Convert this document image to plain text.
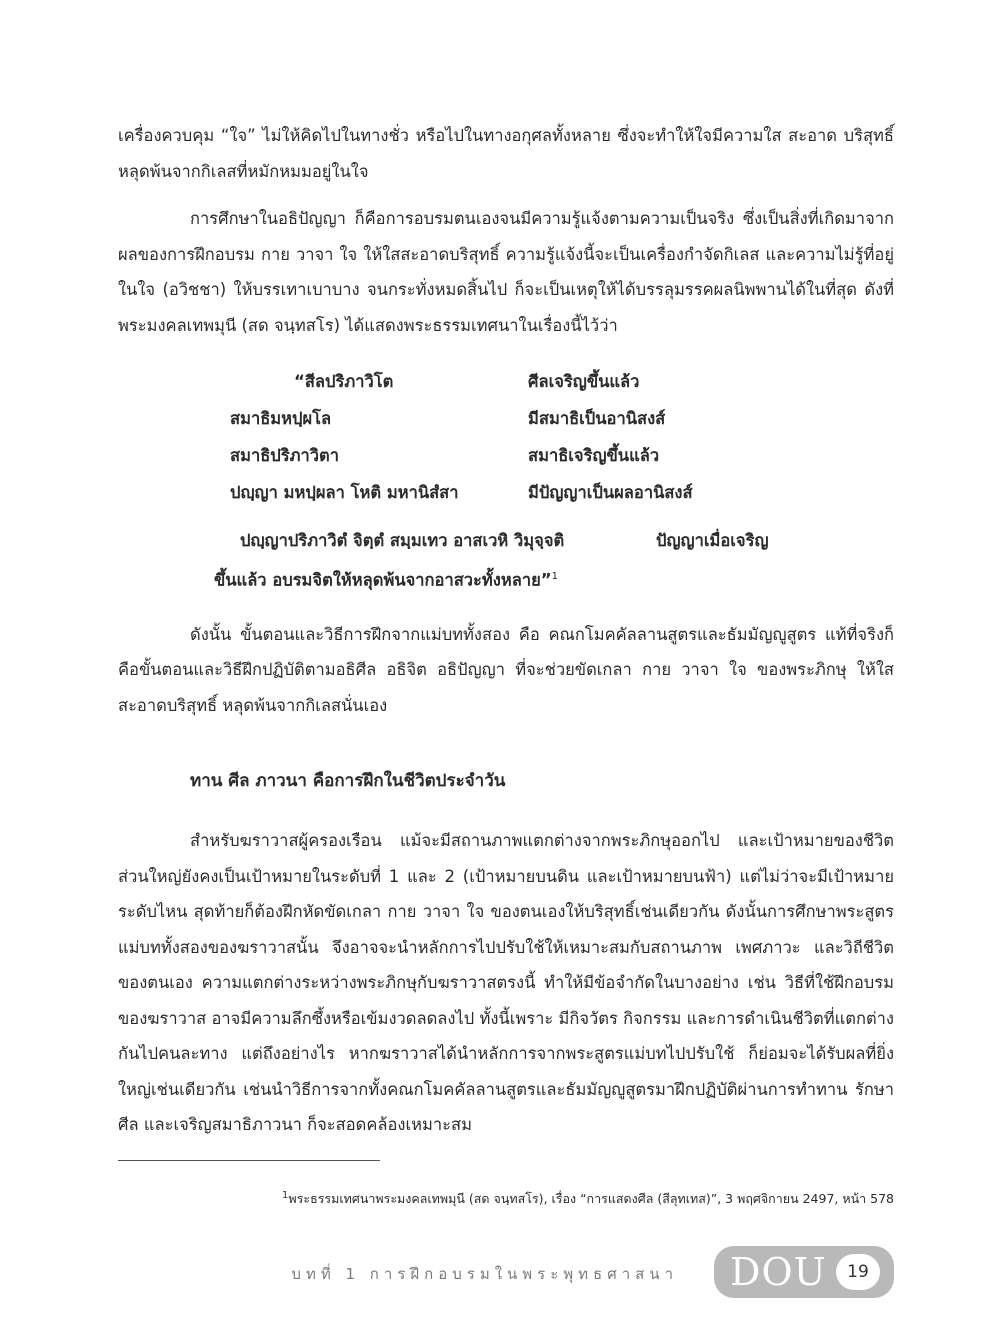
เครื่องควบคุม “ใจ” ไม่ให้คิดไปในทางชั่ว หรือไปในทางอกุศลทั้งหลาย ซึ่งจะทำให้ใจมีความใส สะอาด บริสุทธิ์ หลุดพ้นจากกิเลสที่หมักหมมอยู่ในใจ

การศึกษาในอธิปัญญา ก็คือการอบรมตนเองจนมีความรู้แจ้งตามความเป็นจริง ซึ่งเป็นสิ่งที่เกิดมาจากผลของการฝึกอบรม กาย วาจา ใจ ให้ใสสะอาดบริสุทธิ์ ความรู้แจ้งนี้จะเป็นเครื่องกำจัดกิเลส และความไม่รู้ที่อยู่ในใจ (อวิชชา) ให้บรรเทาเบาบาง จนกระทั่งหมดสิ้นไป ก็จะเป็นเหตุให้ได้บรรลุมรรคผลนิพพานได้ในที่สุด ดังที่พระมงคลเทพมุนี (สด จนฺทสโร) ได้แสดงพระธรรมเทศนาในเรื่องนี้ไว้ว่า

“สีลปริภาวิโต	ศีลเจริญขึ้นแล้ว
สมาธิมหปฺผโล	มีสมาธิเป็นอานิสงส์
สมาธิปริภาวิตา	สมาธิเจริญขึ้นแล้ว
ปญฺญา มหปฺผลา โหติ มหานิสํสา	มีปัญญาเป็นผลอานิสงส์
ปญฺญาปริภาวิตํ จิตฺตํ สมฺมเทว อาสเวหิ วิมุจฺจติ	ปัญญาเมื่อเจริญ
ขึ้นแล้ว อบรมจิตให้หลุดพ้นจากอาสวะทั้งหลาย”$^1$

ดังนั้น ขั้นตอนและวิธีการฝึกจากแม่บททั้งสอง คือ คณกโมคคัลลานสูตรและธัมมัญญูสูตร แท้ที่จริงก็คือขั้นตอนและวิธีฝึกปฏิบัติตามอธิศีล อธิจิต อธิปัญญา ที่จะช่วยขัดเกลา กาย วาจา ใจ ของพระภิกษุ ให้ใสสะอาดบริสุทธิ์ หลุดพ้นจากกิเลสนั่นเอง

ทาน ศีล ภาวนา คือการฝึกในชีวิตประจำวัน

สำหรับฆราวาสผู้ครองเรือน แม้จะมีสถานภาพแตกต่างจากพระภิกษุออกไป และเป้าหมายของชีวิตส่วนใหญ่ยังคงเป็นเป้าหมายในระดับที่ 1 และ 2 (เป้าหมายบนดิน และเป้าหมายบนฟ้า) แต่ไม่ว่าจะมีเป้าหมายระดับไหน สุดท้ายก็ต้องฝึกหัดขัดเกลา กาย วาจา ใจ ของตนเองให้บริสุทธิ์เช่นเดียวกัน ดังนั้นการศึกษาพระสูตรแม่บททั้งสองของฆราวาสนั้น จึงอาจจะนำหลักการไปปรับใช้ให้เหมาะสมกับสถานภาพ เพศภาวะ และวิถีชีวิตของตนเอง ความแตกต่างระหว่างพระภิกษุกับฆราวาสตรงนี้ ทำให้มีข้อจำกัดในบางอย่าง เช่น วิธีที่ใช้ฝึกอบรมของฆราวาส อาจมีความลึกซึ้งหรือเข้มงวดลดลงไป ทั้งนี้เพราะ มีกิจวัตร กิจกรรม และการดำเนินชีวิตที่แตกต่างกันไปคนละทาง แต่ถึงอย่างไร หากฆราวาสได้นำหลักการจากพระสูตรแม่บทไปปรับใช้ ก็ย่อมจะได้รับผลที่ยิ่งใหญ่เช่นเดียวกัน เช่นนำวิธีการจากทั้งคณกโมคคัลลานสูตรและธัมมัญญูสูตรมาฝึกปฏิบัติผ่านการทำทาน รักษาศีล และเจริญสมาธิภาวนา ก็จะสอดคล้องเหมาะสม

$^1$พระธรรมเทศนาพระมงคลเทพมุนี (สด จนฺทสโร), เรื่อง “การแสดงศีล (สีลุทเทส)”, 3 พฤศจิกายน 2497, หน้า 578
บทที่ 1 การฝึกอบรมในพระพุทธศาสนา DOU	19
